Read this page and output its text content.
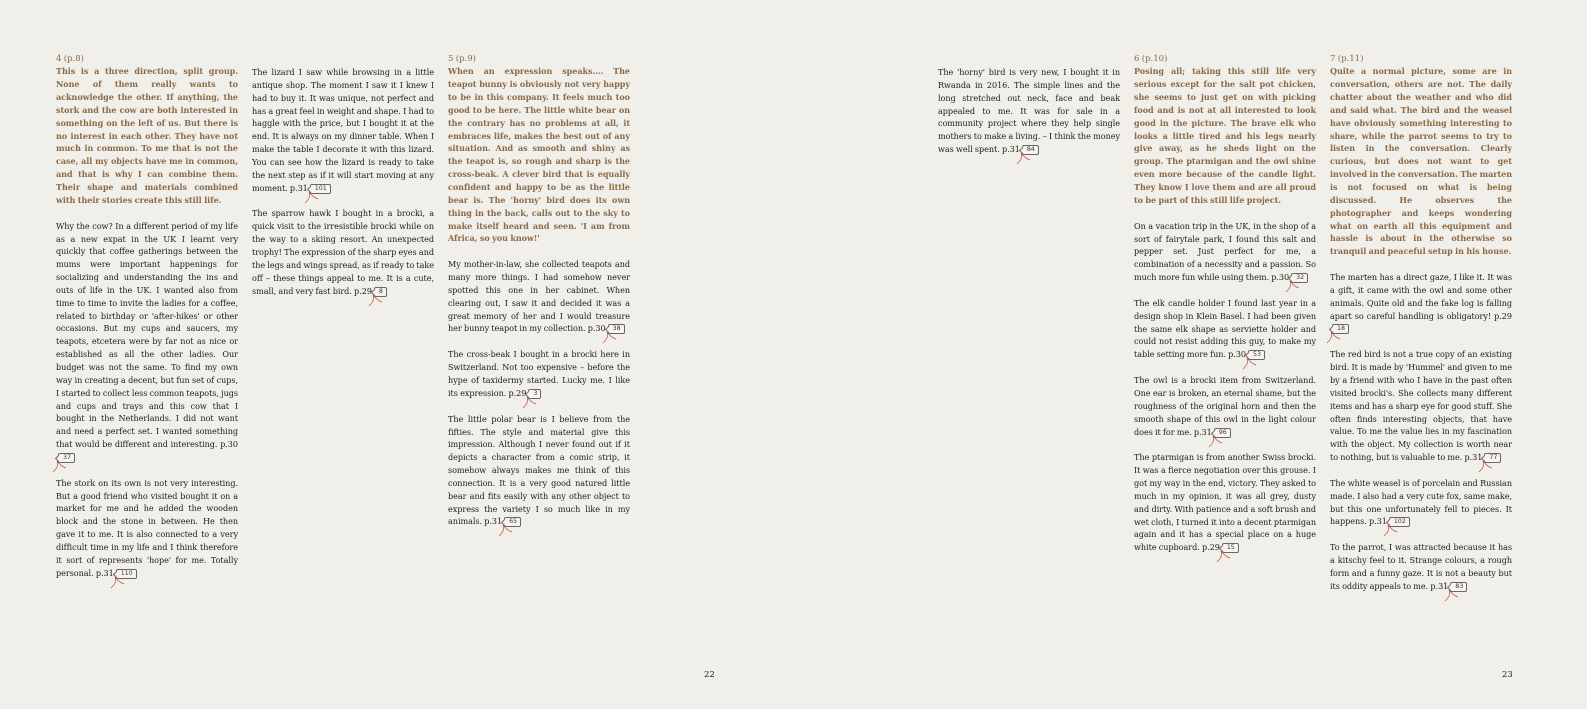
4 (p.8)

This is a three direction, split group. None of them really wants to acknowledge the other. If anything, the stork and the cow are both interested in something on the left of us. But there is no interest in each other. They have not much in common. To me that is not the case, all my objects have me in common, and that is why I can combine them. Their shape and materials combined with their stories create this still life.

Why the cow? In a different period of my life as a new expat in the UK I learnt very quickly that coffee gatherings between the mums were important happenings for socializing and understanding the ins and outs of life in the UK. I wanted also from time to time to invite the ladies for a coffee, related to birthday or 'after-hikes' or other occasions. But my cups and saucers, my teapots, etcetera were by far not as nice or established as all the other ladies. Our budget was not the same. To find my own way in creating a decent, but fun set of cups, I started to collect less common teapots, jugs and cups and trays and this cow that I bought in the Netherlands. I did not want and need a perfect set. I wanted something that would be different and interesting. p.3037

The stork on its own is not very interesting. But a good friend who visited bought it on a market for me and he added the wooden block and the stone in between. He then gave it to me. It is also connected to a very difficult time in my life and I think therefore it sort of represents 'hope' for me. Totally personal. p.31 110

The lizard I saw while browsing in a little antique shop. The moment I saw it I knew I had to buy it. It was unique, not perfect and has a great feel in weight and shape. I had to haggle with the price, but I bought it at the end. It is always on my dinner table. When I make the table I decorate it with this lizard. You can see how the lizard is ready to take the next step as if it will start moving at any moment. p.31 101

The sparrow hawk I bought in a brocki, a quick visit to the irresistible brocki while on the way to a skiing resort. An unexpected trophy! The expression of the sharp eyes and the legs and wings spread, as if ready to take off – these things appeal to me. It is a cute, small, and very fast bird. p.29 8

5 (p.9)

When an expression speaks…. The teapot bunny is obviously not very happy to be in this company. It feels much too good to be here. The little white bear on the contrary has no problems at all, it embraces life, makes the best out of any situation. And as smooth and shiny as the teapot is, so rough and sharp is the cross-beak. A clever bird that is equally confident and happy to be as the little bear is. The 'horny' bird does its own thing in the back, calls out to the sky to make itself heard and seen. 'I am from Africa, so you know!'

My mother-in-law, she collected teapots and many more things. I had somehow never spotted this one in her cabinet. When clearing out, I saw it and decided it was a great memory of her and I would treasure her bunny teapot in my collection. p.30 38

The cross-beak I bought in a brocki here in Switzerland. Not too expensive – before the hype of taxidermy started. Lucky me. I like its expression. p.29 3

The little polar bear is I believe from the fifties. The style and material give this impression. Although I never found out if it depicts a character from a comic strip, it somehow always makes me think of this connection. It is a very good natured little bear and fits easily with any other object to express the variety I so much like in my animals. p.31 65

The 'horny' bird is very new, I bought it in Rwanda in 2016. The simple lines and the long stretched out neck, face and beak appealed to me. It was for sale in a community project where they help single mothers to make a living. – I think the money was well spent. p.31 84

6 (p.10)

Posing all; taking this still life very serious except for the salt pot chicken, she seems to just get on with picking food and is not at all interested to look good in the picture. The brave elk who looks a little tired and his legs nearly give away, as he sheds light on the group. The ptarmigan and the owl shine even more because of the candle light. They know I love them and are all proud to be part of this still life project.

On a vacation trip in the UK, in the shop of a sort of fairytale park, I found this salt and pepper set. Just perfect for me, a combination of a necessity and a passion. So much more fun while using them. p.30 32

The elk candle holder I found last year in a design shop in Klein Basel. I had been given the same elk shape as serviette holder and could not resist adding this guy, to make my table setting more fun. p.30 53

The owl is a brocki item from Switzerland. One ear is broken, an eternal shame, but the roughness of the original horn and then the smooth shape of this owl in the light colour does it for me. p.31 96

The ptarmigan is from another Swiss brocki. It was a fierce negotiation over this grouse. I got my way in the end, victory. They asked to much in my opinion, it was all grey, dusty and dirty. With patience and a soft brush and wet cloth, I turned it into a decent ptarmigan again and it has a special place on a huge white cupboard. p.29 15

7 (p.11)

Quite a normal picture, some are in conversation, others are not. The daily chatter about the weather and who did and said what. The bird and the weasel have obviously something interesting to share, while the parrot seems to try to listen in the conversation. Clearly curious, but does not want to get involved in the conversation. The marten is not focused on what is being discussed. He observes the photographer and keeps wondering what on earth all this equipment and hassle is about in the otherwise so tranquil and peaceful setup in his house.

The marten has a direct gaze, I like it. It was a gift, it came with the owl and some other animals. Quite old and the fake log is falling apart so careful handling is obligatory! p.2918

The red bird is not a true copy of an existing bird. It is made by 'Hummel' and given to me by a friend with who I have in the past often visited brocki's. She collects many different items and has a sharp eye for good stuff. She often finds interesting objects, that have value. To me the value lies in my fascination with the object. My collection is worth near to nothing, but is valuable to me. p.31 77

The white weasel is of porcelain and Russian made. I also had a very cute fox, same make, but this one unfortunately fell to pieces. It happens. p.31 102

To the parrot, I was attracted because it has a kitschy feel to it. Strange colours, a rough form and a funny gaze. It is not a beauty but its oddity appeals to me. p.31 83

22	23
